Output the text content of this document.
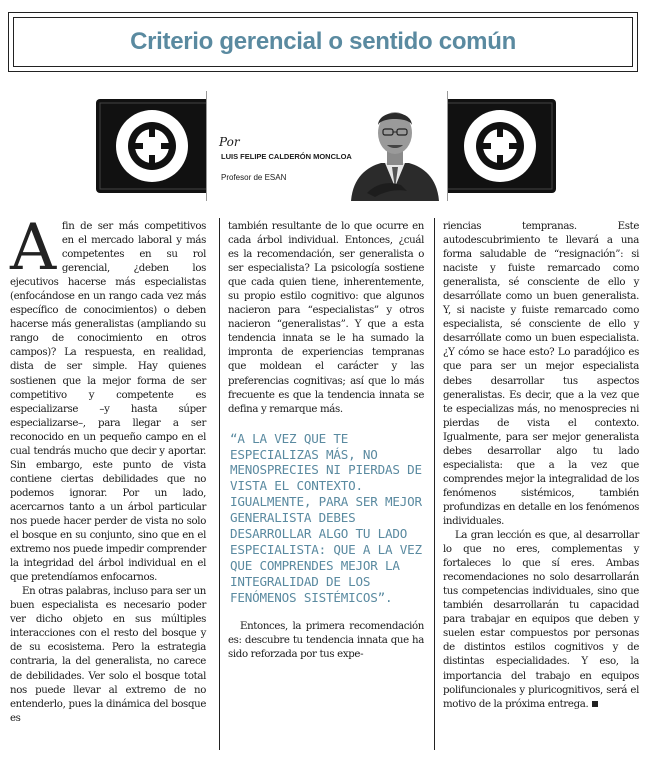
Criterio gerencial o sentido común
Por
LUIS FELIPE CALDERÓN MONCLOA
Profesor de ESAN

Afin de ser más competitivos en el mercado laboral y más competentes en su rol gerencial, ¿deben los ejecutivos hacerse más especialistas (enfocándose en un rango cada vez más específico de conocimientos) o deben hacerse más generalistas (ampliando su rango de conocimiento en otros campos)? La respuesta, en realidad, dista de ser simple. Hay quienes sostienen que la mejor forma de ser competitivo y competente es especializarse –y hasta súper especializarse–, para llegar a ser reconocido en un pequeño campo en el cual tendrás mucho que decir y aportar. Sin embargo, este punto de vista contiene ciertas debilidades que no podemos ignorar. Por un lado, acercarnos tanto a un árbol particular nos puede hacer perder de vista no solo el bosque en su conjunto, sino que en el extremo nos puede impedir comprender la integridad del árbol individual en el que pretendíamos enfocarnos.

En otras palabras, incluso para ser un buen especialista es necesario poder ver dicho objeto en sus múltiples interacciones con el resto del bosque y de su ecosistema. Pero la estrategia contraria, la del generalista, no carece de debilidades. Ver solo el bosque total nos puede llevar al extremo de no entenderlo, pues la dinámica del bosque es

también resultante de lo que ocurre en cada árbol individual. Entonces, ¿cuál es la recomendación, ser generalista o ser especialista? La psicología sostiene que cada quien tiene, inherentemente, su propio estilo cognitivo: que algunos nacieron para “especialistas” y otros nacieron “generalistas”. Y que a esta tendencia innata se le ha sumado la impronta de experiencias tempranas que moldean el carácter y las preferencias cognitivas; así que lo más frecuente es que la tendencia innata se defina y remarque más.

“A LA VEZ QUE TE ESPECIALIZAS MÁS, NO MENOSPRECIES NI PIERDAS DE VISTA EL CONTEXTO. IGUALMENTE, PARA SER MEJOR GENERALISTA DEBES DESARROLLAR ALGO TU LADO ESPECIALISTA: QUE A LA VEZ QUE COMPRENDES MEJOR LA INTEGRALIDAD DE LOS FENÓMENOS SISTÉMICOS”.

Entonces, la primera recomendación es: descubre tu tendencia innata que ha sido reforzada por tus expe-

riencias tempranas. Este autodescubrimiento te llevará a una forma saludable de “resignación”: si naciste y fuiste remarcado como generalista, sé consciente de ello y desarróllate como un buen generalista. Y, si naciste y fuiste remarcado como especialista, sé consciente de ello y desarróllate como un buen especialista. ¿Y cómo se hace esto? Lo paradójico es que para ser un mejor especialista debes desarrollar tus aspectos generalistas. Es decir, que a la vez que te especializas más, no menosprecies ni pierdas de vista el contexto. Igualmente, para ser mejor generalista debes desarrollar algo tu lado especialista: que a la vez que comprendes mejor la integralidad de los fenómenos sistémicos, también profundizas en detalle en los fenómenos individuales.

La gran lección es que, al desarrollar lo que no eres, complementas y fortaleces lo que sí eres. Ambas recomendaciones no solo desarrollarán tus competencias individuales, sino que también desarrollarán tu capacidad para trabajar en equipos que deben y suelen estar compuestos por personas de distintos estilos cognitivos y de distintas especialidades. Y eso, la importancia del trabajo en equipos polifuncionales y pluricognitivos, será el motivo de la próxima entrega.
